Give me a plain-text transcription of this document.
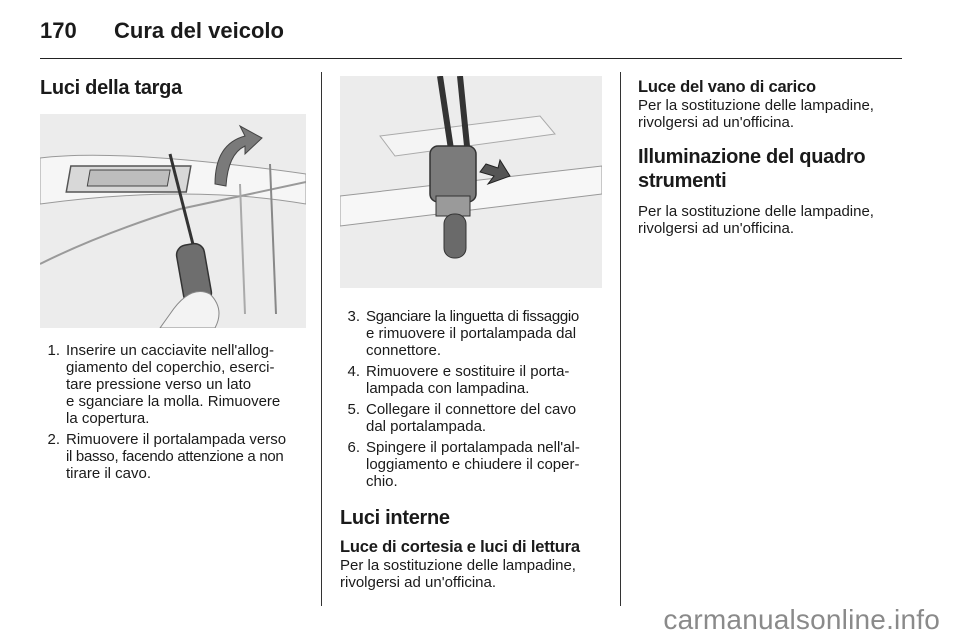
170 Cura del veicolo
Luci della targa
1. Inserire un cacciavite nell'allog-
giamento del coperchio, eserci-
tare pressione verso un lato
e sganciare la molla. Rimuovere
la copertura.
2. Rimuovere il portalampada verso
il basso, facendo attenzione a non
tirare il cavo.
3. Sganciare la linguetta di fissaggio
e rimuovere il portalampada dal
connettore.
4. Rimuovere e sostituire il porta-
lampada con lampadina.
5. Collegare il connettore del cavo
dal portalampada.
6. Spingere il portalampada nell'al-
loggiamento e chiudere il coper-
chio.
Luci interne
Luce di cortesia e luci di lettura

Per la sostituzione delle lampadine,
rivolgersi ad un'officina.

Luce del vano di carico

Per la sostituzione delle lampadine,
rivolgersi ad un'officina.

Illuminazione del quadro
strumenti

Per la sostituzione delle lampadine,
rivolgersi ad un'officina.

carmanualsonline.info
